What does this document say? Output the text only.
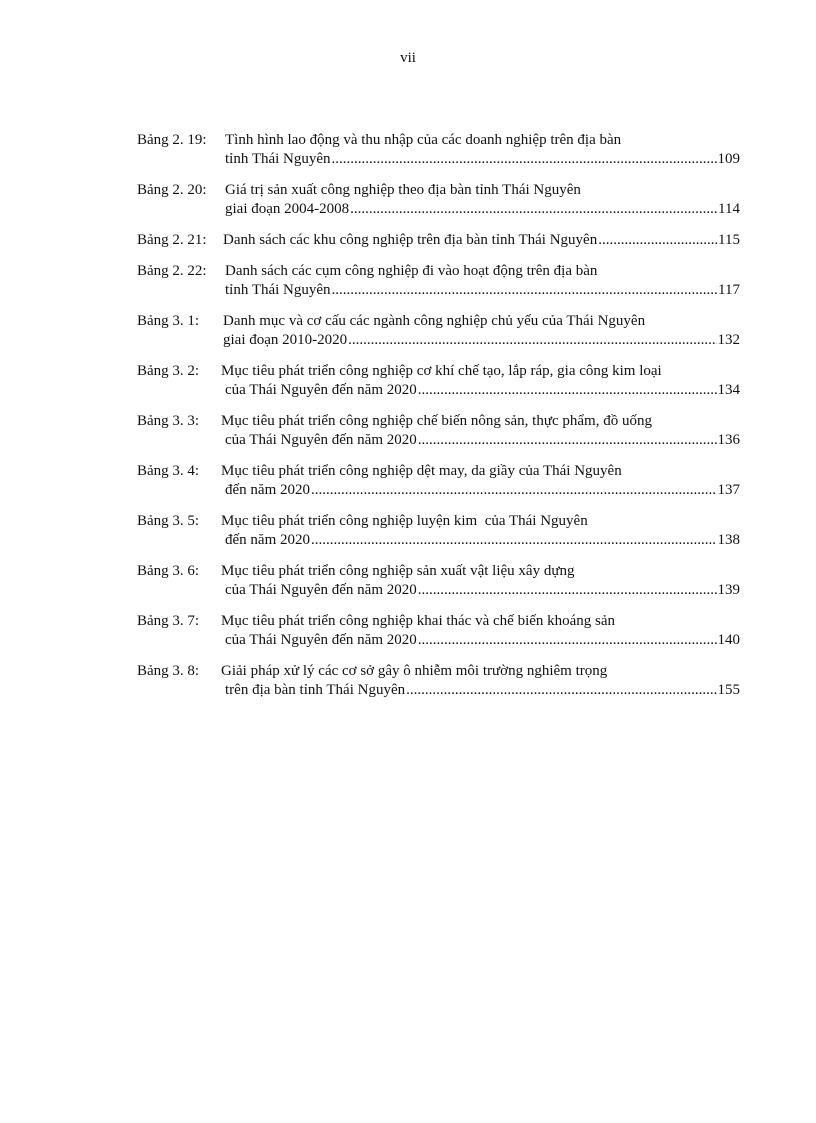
vii
Bảng 2. 19: Tình hình lao động và thu nhập của các doanh nghiệp trên địa bàn
tỉnh Thái Nguyên .....	109
Bảng 2. 20: Giá trị sản xuất công nghiệp theo địa bàn tỉnh Thái Nguyên
giai đoạn 2004-2008 .....	114
Bảng 2. 21: Danh sách các khu công nghiệp trên địa bàn tỉnh Thái Nguyên .....	115
Bảng 2. 22: Danh sách các cụm công nghiệp đi vào hoạt động trên địa bàn
tỉnh Thái Nguyên .....	117
Bảng 3. 1: Danh mục và cơ cấu các ngành công nghiệp chủ yếu của Thái Nguyên
giai đoạn 2010-2020 .....	132
Bảng 3. 2: Mục tiêu phát triển công nghiệp cơ khí chế tạo, lắp ráp, gia công kim loại
của Thái Nguyên đến năm 2020 .....	134
Bảng 3. 3: Mục tiêu phát triển công nghiệp chế biến nông sản, thực phẩm, đồ uống
của Thái Nguyên đến năm 2020 .....	136
Bảng 3. 4: Mục tiêu phát triển công nghiệp dệt may, da giầy của Thái Nguyên
đến năm 2020 .....	137
Bảng 3. 5: Mục tiêu phát triển công nghiệp luyện kim  của Thái Nguyên
đến năm 2020 .....	138
Bảng 3. 6: Mục tiêu phát triển công nghiệp sản xuất vật liệu xây dựng
của Thái Nguyên đến năm 2020 .....	139
Bảng 3. 7: Mục tiêu phát triển công nghiệp khai thác và chế biến khoáng sản
của Thái Nguyên đến năm 2020 .....	140
Bảng 3. 8: Giải pháp xử lý các cơ sở gây ô nhiễm môi trường nghiêm trọng
trên địa bàn tỉnh Thái Nguyên .....	155
